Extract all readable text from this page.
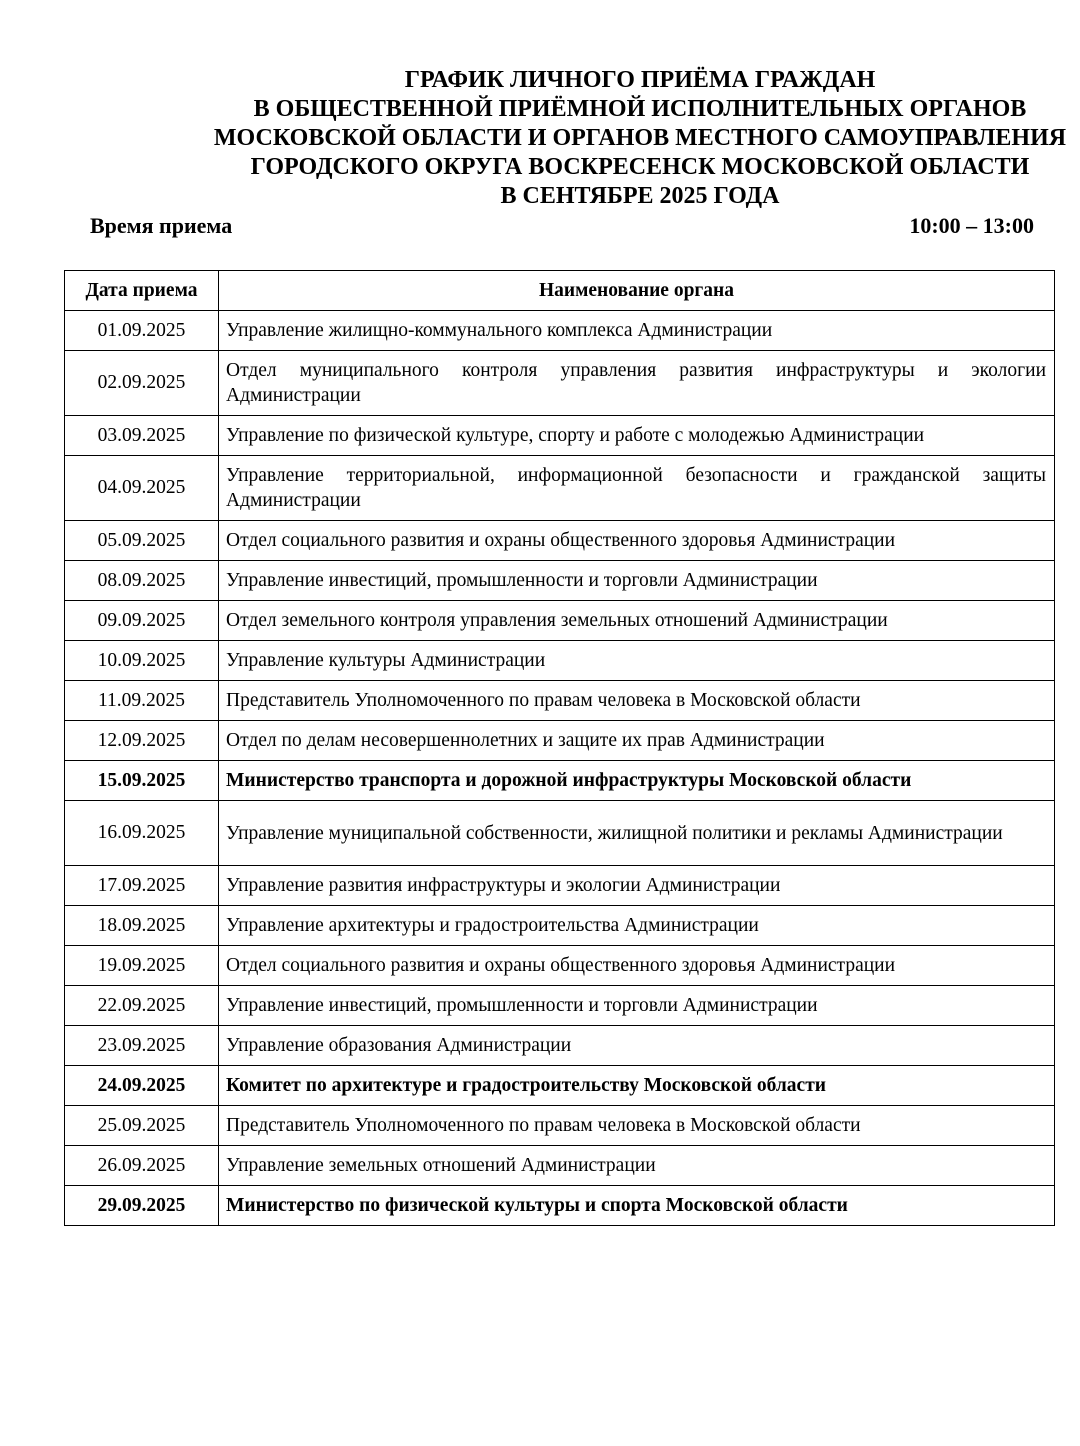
ГРАФИК ЛИЧНОГО ПРИЁМА ГРАЖДАН
В ОБЩЕСТВЕННОЙ ПРИЁМНОЙ ИСПОЛНИТЕЛЬНЫХ ОРГАНОВ
МОСКОВСКОЙ ОБЛАСТИ И ОРГАНОВ МЕСТНОГО САМОУПРАВЛЕНИЯ
ГОРОДСКОГО ОКРУГА ВОСКРЕСЕНСК МОСКОВСКОЙ ОБЛАСТИ
В СЕНТЯБРЕ 2025 ГОДА
Время приема	10:00 – 13:00
Дата приема	Наименование органа
01.09.2025	Управление жилищно-коммунального комплекса Администрации
02.09.2025	Отдел муниципального контроля управления развития инфраструктуры и экологии Администрации
03.09.2025	Управление по физической культуре, спорту и работе с молодежью Администрации
04.09.2025	Управление территориальной, информационной безопасности и гражданской защиты Администрации
05.09.2025	Отдел социального развития и охраны общественного здоровья Администрации
08.09.2025	Управление инвестиций, промышленности и торговли Администрации
09.09.2025	Отдел земельного контроля управления земельных отношений Администрации
10.09.2025	Управление культуры Администрации
11.09.2025	Представитель Уполномоченного по правам человека в Московской области
12.09.2025	Отдел по делам несовершеннолетних и защите их прав Администрации
15.09.2025	Министерство транспорта и дорожной инфраструктуры Московской области
16.09.2025	Управление муниципальной собственности, жилищной политики и рекламы Администрации
17.09.2025	Управление развития инфраструктуры и экологии Администрации
18.09.2025	Управление архитектуры и градостроительства Администрации
19.09.2025	Отдел социального развития и охраны общественного здоровья Администрации
22.09.2025	Управление инвестиций, промышленности и торговли Администрации
23.09.2025	Управление образования Администрации
24.09.2025	Комитет по архитектуре и градостроительству Московской области
25.09.2025	Представитель Уполномоченного по правам человека в Московской области
26.09.2025	Управление земельных отношений Администрации
29.09.2025	Министерство по физической культуры и спорта Московской области
